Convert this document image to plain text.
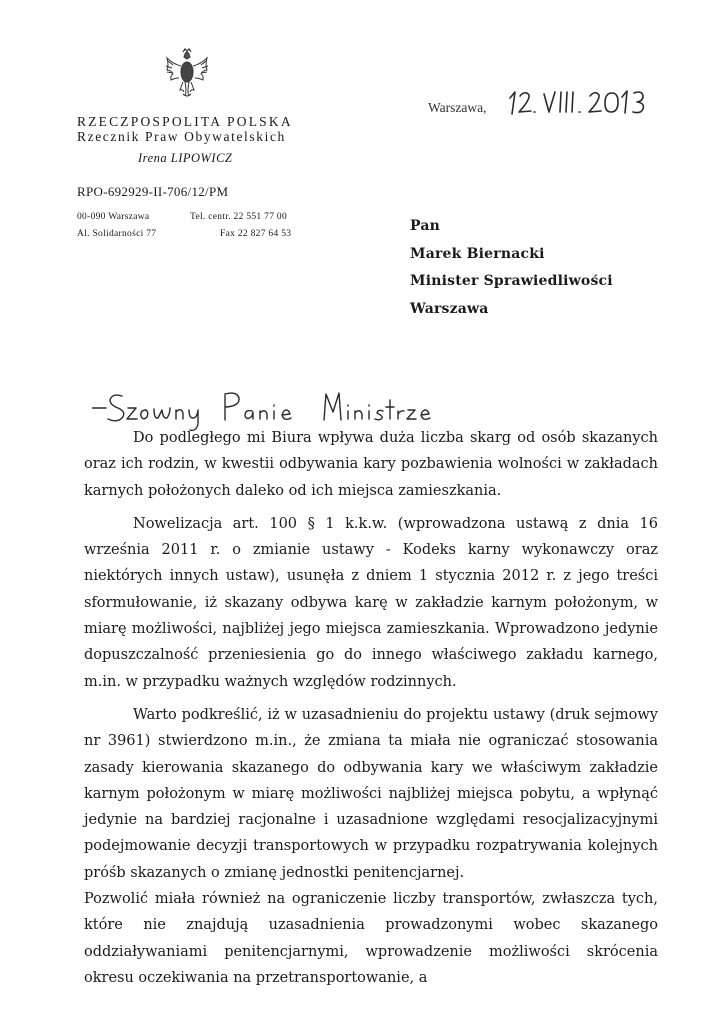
RZECZPOSPOLITA POLSKA
Rzecznik Praw Obywatelskich
Irena LIPOWICZ
RPO-692929-II-706/12/PM
00-090 Warszawa
Al. Solidarności 77
Tel. centr. 22 551 77 00
Fax 22 827 64 53
Warszawa,
Pan
Marek Biernacki
Minister Sprawiedliwości
Warszawa

Do podległego mi Biura wpływa duża liczba skarg od osób skazanych oraz ich rodzin, w kwestii odbywania kary pozbawienia wolności w zakładach karnych położonych daleko od ich miejsca zamieszkania.

Nowelizacja art. 100 § 1 k.k.w. (wprowadzona ustawą z dnia 16 września 2011 r. o zmianie ustawy - Kodeks karny wykonawczy oraz niektórych innych ustaw), usunęła z dniem 1 stycznia 2012 r. z jego treści sformułowanie, iż skazany odbywa karę w zakładzie karnym położonym, w miarę możliwości, najbliżej jego miejsca zamieszkania. Wprowadzono jedynie dopuszczalność przeniesienia go do innego właściwego zakładu karnego, m.in. w przypadku ważnych względów rodzinnych.

Warto podkreślić, iż w uzasadnieniu do projektu ustawy (druk sejmowy nr 3961) stwierdzono m.in., że zmiana ta miała nie ograniczać stosowania zasady kierowania skazanego do odbywania kary we właściwym zakładzie karnym położonym w miarę możliwości najbliżej miejsca pobytu, a wpłynąć jedynie na bardziej racjonalne i uzasadnione względami resocjalizacyjnymi podejmowanie decyzji transportowych w przypadku rozpatrywania kolejnych próśb skazanych o zmianę jednostki penitencjarnej.

Pozwolić miała również na ograniczenie liczby transportów, zwłaszcza tych, które nie znajdują uzasadnienia prowadzonymi wobec skazanego oddziaływaniami penitencjarnymi, wprowadzenie możliwości skrócenia okresu oczekiwania na przetransportowanie, a
